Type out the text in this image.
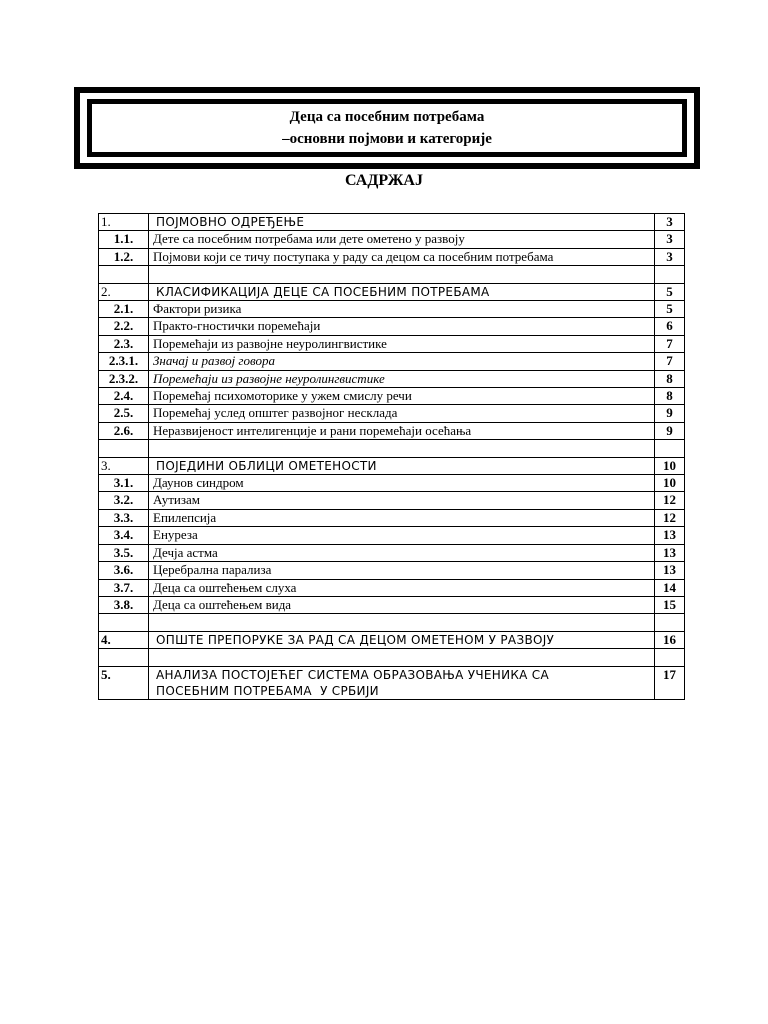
Деца са посебним потребама
–основни појмови и категорије
САДРЖАЈ
1.	ПОЈМОВНО ОДРЕЂЕЊЕ	3
1.1.	Дете са посебним потребама или дете ометено у развоју	3
1.2.	Појмови који се тичу поступака у раду са децом са посебним потребама	3

2.	КЛАСИФИКАЦИЈА ДЕЦЕ СА ПОСЕБНИМ ПОТРЕБАМА	5
2.1.	Фактори ризика	5
2.2.	Практо-гностички поремећаји	6
2.3.	Поремећаји из развојне неуролингвистике	7
2.3.1.	Значај и развој говора	7
2.3.2.	Поремећаји из развојне неуролингвистике	8
2.4.	Поремећај психомоторике у ужем смислу речи	8
2.5.	Поремећај услед општег развојног несклада	9
2.6.	Неразвијеност интелигенције и рани поремећаји осећања	9

3.	ПОЈЕДИНИ ОБЛИЦИ ОМЕТЕНОСТИ	10
3.1.	Даунов синдром	10
3.2.	Аутизам	12
3.3.	Епилепсија	12
3.4.	Енуреза	13
3.5.	Дечја астма	13
3.6.	Церебрална парализа	13
3.7.	Деца са оштећењем слуха	14
3.8.	Деца са оштећењем вида	15

4.	ОПШТЕ ПРЕПОРУКЕ ЗА РАД СА ДЕЦОМ ОМЕТЕНОМ У РАЗВОЈУ	16

5.	АНАЛИЗА ПОСТОЈЕЋЕГ СИСТЕМА ОБРАЗОВАЊА УЧЕНИКА СА
ПОСЕБНИМ ПОТРЕБАМА  У СРБИЈИ	17
